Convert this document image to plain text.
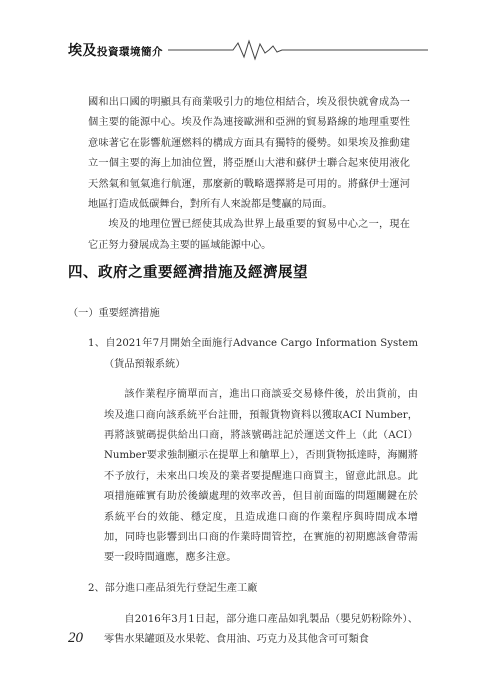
埃及投資環境簡介

國和出口國的明顯具有商業吸引力的地位相結合，埃及很快就會成為一個主要的能源中心。埃及作為連接歐洲和亞洲的貿易路線的地理重要性意味著它在影響航運燃料的構成方面具有獨特的優勢。如果埃及推動建立一個主要的海上加油位置，將亞歷山大港和蘇伊士聯合起來使用液化天然氣和氫氣進行航運，那麼新的戰略選擇將是可用的。將蘇伊士運河地區打造成低碳舞台，對所有人來說都是雙贏的局面。

埃及的地理位置已經使其成為世界上最重要的貿易中心之一，現在它正努力發展成為主要的區域能源中心。

四、政府之重要經濟措施及經濟展望
（一）重要經濟措施

1、自2021年7月開始全面施行Advance Cargo Information System（貨品預報系統）

該作業程序簡單而言，進出口商談妥交易條件後，於出貨前，由埃及進口商向該系統平台註冊，預報貨物資料以獲取ACI Number，再將該號碼提供給出口商，將該號碼註記於運送文件上（此（ACI）Number要求強制顯示在提單上和艙單上），否則貨物抵達時，海關將不予放行，未來出口埃及的業者要提醒進口商買主，留意此訊息。此項措施確實有助於後續處理的效率改善，但目前面臨的問題關鍵在於系統平台的效能、穩定度，且造成進口商的作業程序與時間成本增加，同時也影響到出口商的作業時間管控，在實施的初期應該會帶需要一段時間適應，應多注意。

2、部分進口產品須先行登記生產工廠

自2016年3月1日起，部分進口產品如乳製品（嬰兒奶粉除外）、零售水果罐頭及水果乾、食用油、巧克力及其他含可可類食

20
